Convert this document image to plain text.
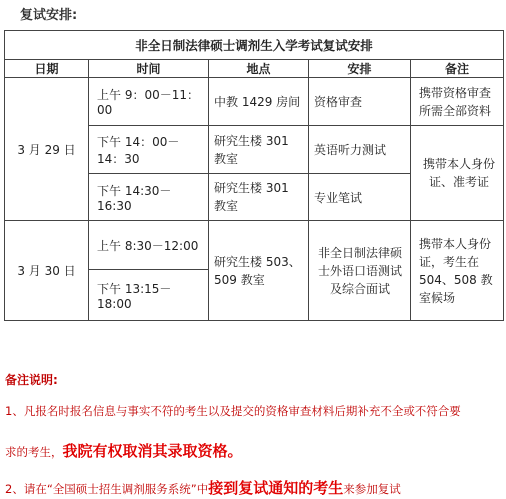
复试安排:
非全日制法律硕士调剂生入学考试复试安排				
日期	时间	地点	安排	备注
3 月 29 日	上午 9：00－11：00	中教 1429 房间	资格审查	携带资格审查所需全部资料
	下午 14：00－14：30	研究生楼 301 教室	英语听力测试	携带本人身份证、准考证
	下午 14:30－16:30	研究生楼 301 教室	专业笔试	
3 月 30 日	上午 8:30－12:00	研究生楼 503、509 教室	非全日制法律硕士外语口语测试及综合面试	携带本人身份证，考生在 504、508 教室候场
	下午 13:15－18:00			
备注说明:
1、凡报名时报名信息与事实不符的考生以及提交的资格审查材料后期补充不全或不符合要
求的考生，我院有权取消其录取资格。
2、请在“全国硕士招生调剂服务系统”中接到复试通知的考生来参加复试
